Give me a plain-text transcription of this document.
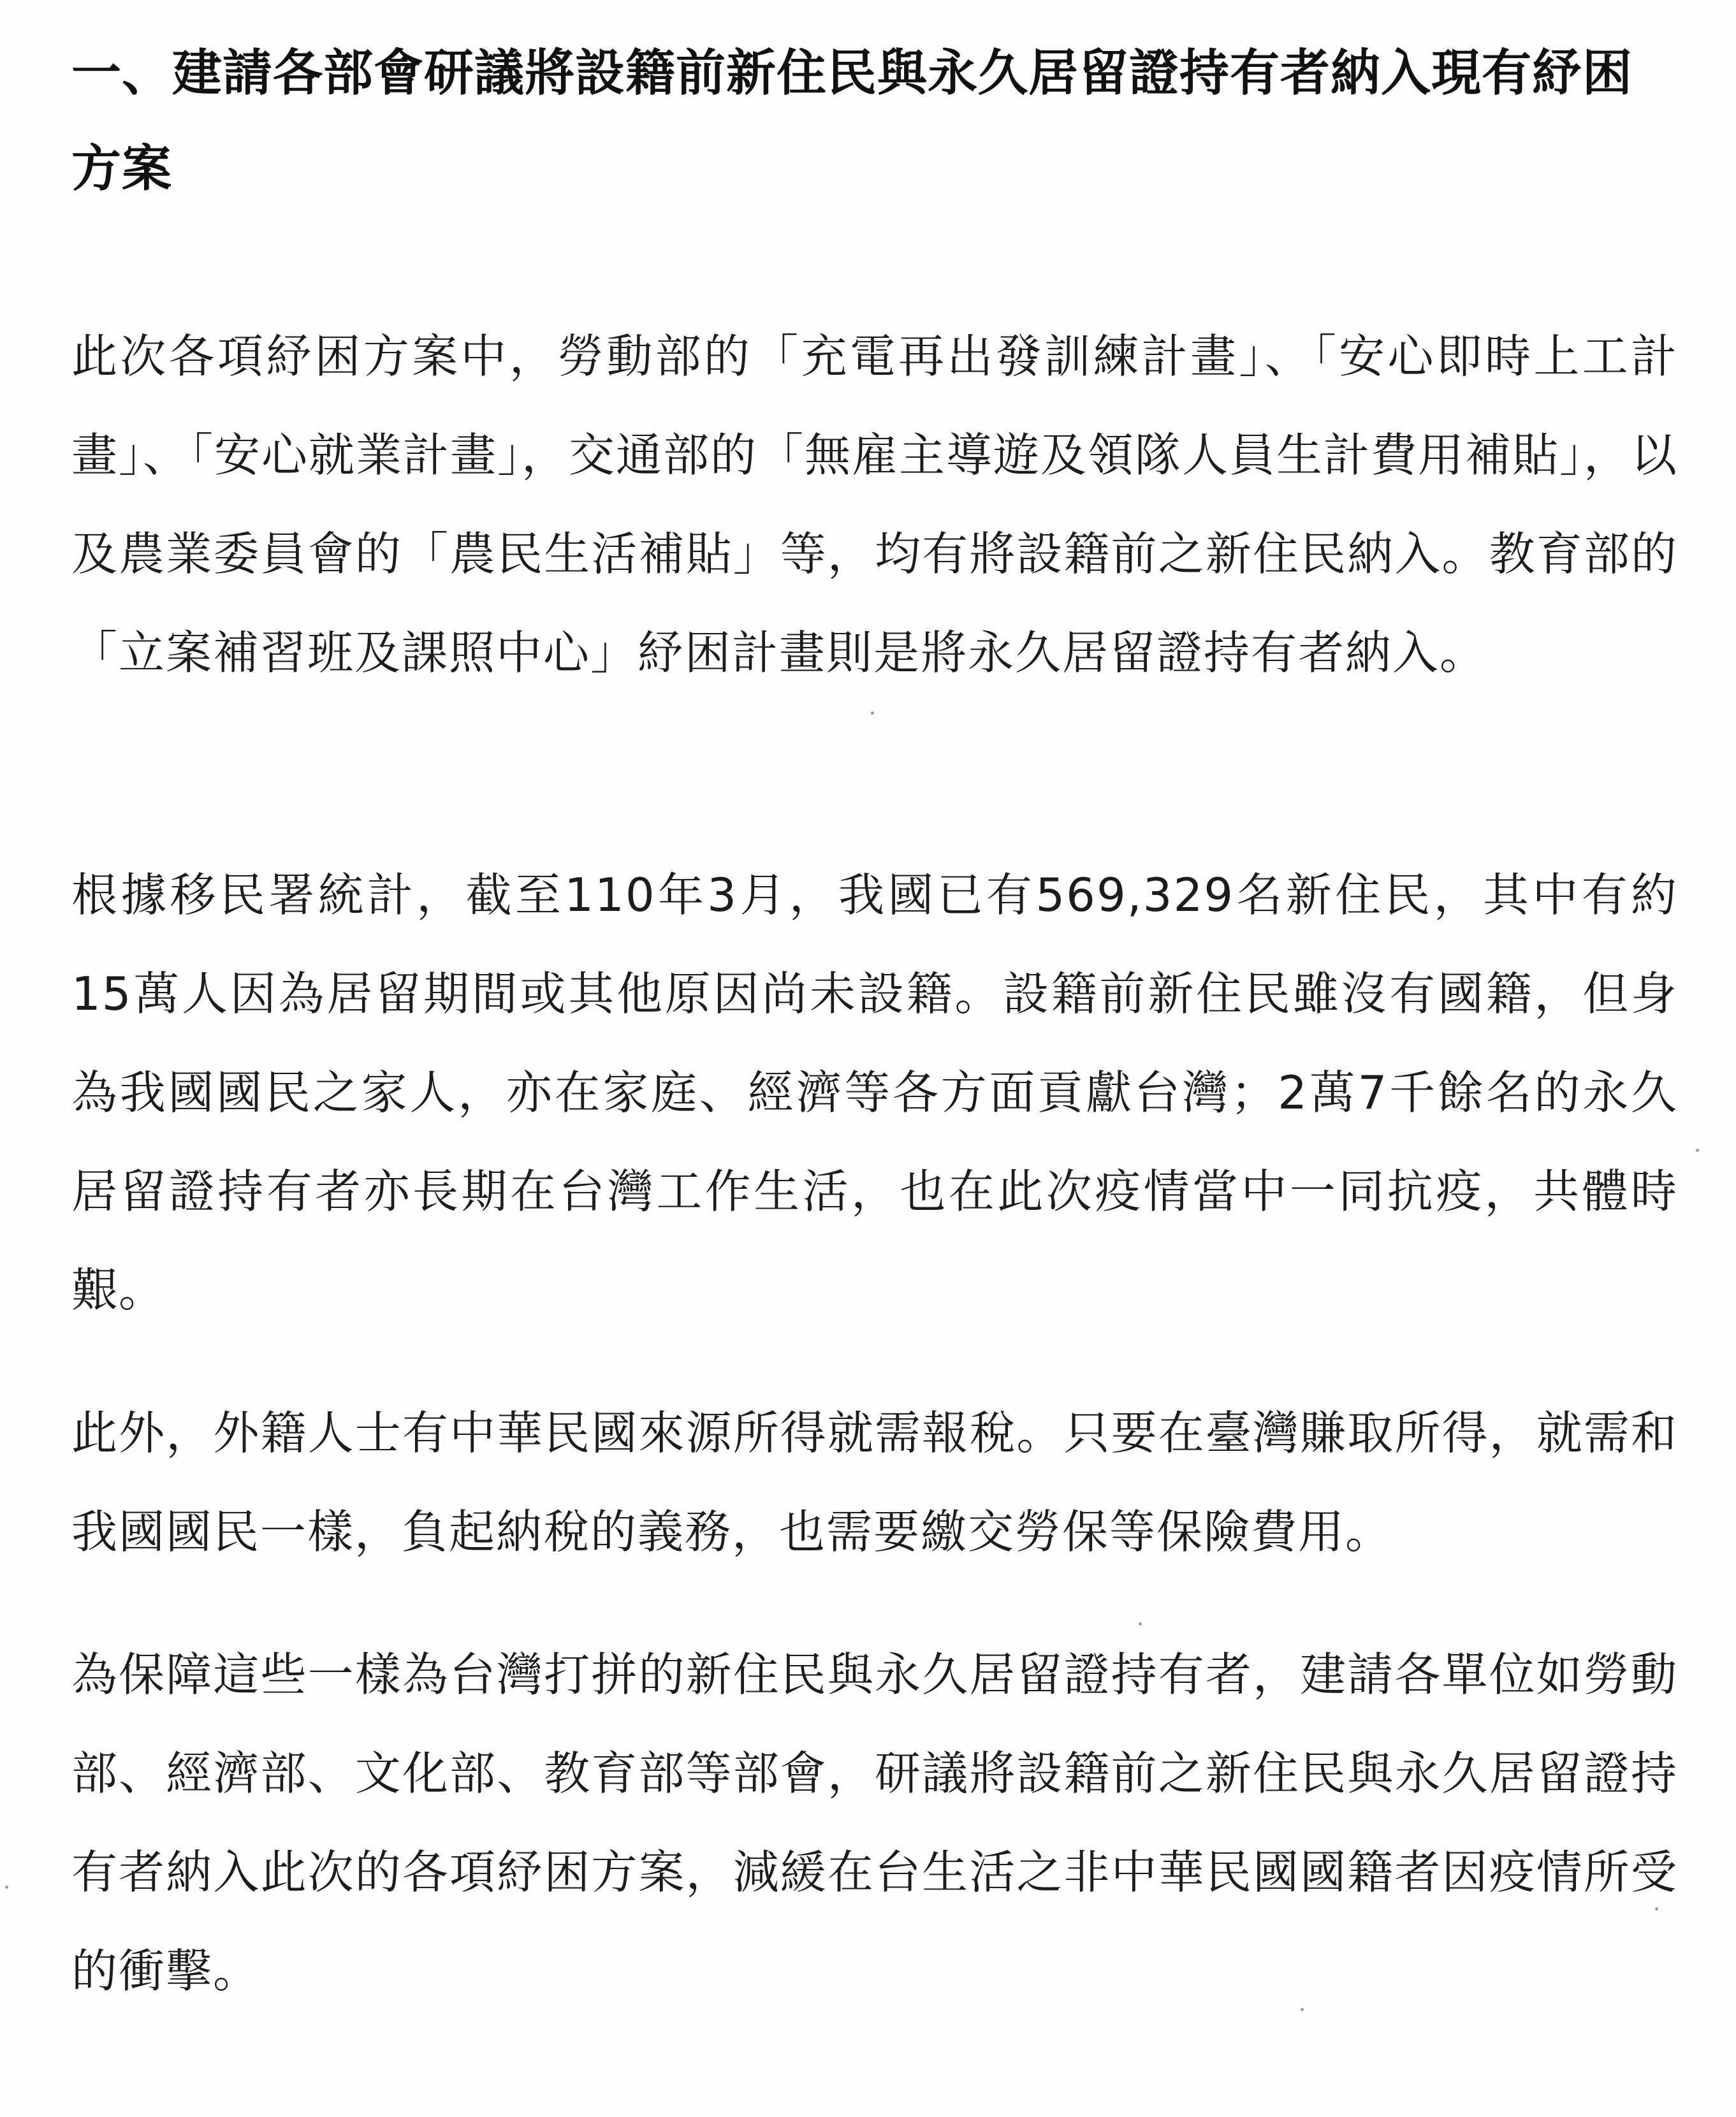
一、建請各部會研議將設籍前新住民與永久居留證持有者納入現有紓困方案

此次各項紓困方案中，勞動部的「充電再出發訓練計畫」、「安心即時上工計畫」、「安心就業計畫」，交通部的「無雇主導遊及領隊人員生計費用補貼」，以及農業委員會的「農民生活補貼」等，均有將設籍前之新住民納入。教育部的「立案補習班及課照中心」紓困計畫則是將永久居留證持有者納入。

根據移民署統計，截至110年3月，我國已有569,329名新住民，其中有約15萬人因為居留期間或其他原因尚未設籍。設籍前新住民雖沒有國籍，但身為我國國民之家人，亦在家庭、經濟等各方面貢獻台灣；2萬7千餘名的永久居留證持有者亦長期在台灣工作生活，也在此次疫情當中一同抗疫，共體時艱。

此外，外籍人士有中華民國來源所得就需報稅。只要在臺灣賺取所得，就需和我國國民一樣，負起納稅的義務，也需要繳交勞保等保險費用。

為保障這些一樣為台灣打拼的新住民與永久居留證持有者，建請各單位如勞動部、經濟部、文化部、教育部等部會，研議將設籍前之新住民與永久居留證持有者納入此次的各項紓困方案，減緩在台生活之非中華民國國籍者因疫情所受的衝擊。
